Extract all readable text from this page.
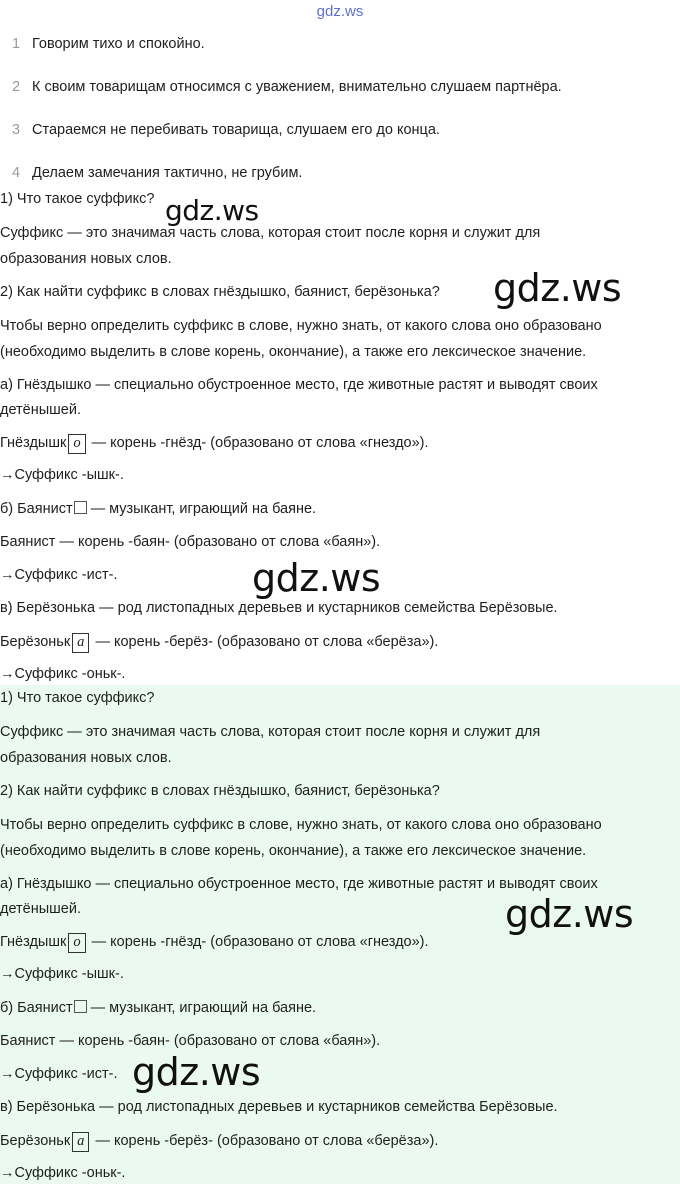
gdz.ws
1 Говорим тихо и спокойно.
2 К своим товарищам относимся с уважением, внимательно слушаем партнёра.
3 Стараемся не перебивать товарища, слушаем его до конца.
4 Делаем замечания тактично, не грубим.
1) Что такое суффикс?
Суффикс — это значимая часть слова, которая стоит после корня и служит для
образования новых слов.
2) Как найти суффикс в словах гнёздышко, баянист, берёзонька?
Чтобы верно определить суффикс в слове, нужно знать, от какого слова оно образовано
(необходимо выделить в слове корень, окончание), а также его лексическое значение.
а) Гнёздышко — специально обустроенное место, где животные растят и выводят своих
детёнышей.
Гнёздышк о — корень -гнёзд- (образовано от слова «гнездо»).
→Суффикс -ышк-.
б) Баянист — музыкант, играющий на баяне.
Баянист — корень -баян- (образовано от слова «баян»).
→Суффикс -ист-.
в) Берёзонька — род листопадных деревьев и кустарников семейства Берёзовые.
Берёзоньк а — корень -берёз- (образовано от слова «берёза»).
→Суффикс -оньк-.
1) Что такое суффикс?
Суффикс — это значимая часть слова, которая стоит после корня и служит для
образования новых слов.
2) Как найти суффикс в словах гнёздышко, баянист, берёзонька?
Чтобы верно определить суффикс в слове, нужно знать, от какого слова оно образовано
(необходимо выделить в слове корень, окончание), а также его лексическое значение.
а) Гнёздышко — специально обустроенное место, где животные растят и выводят своих
детёнышей.
Гнёздышк о — корень -гнёзд- (образовано от слова «гнездо»).
→Суффикс -ышк-.
б) Баянист — музыкант, играющий на баяне.
Баянист — корень -баян- (образовано от слова «баян»).
→Суффикс -ист-.
в) Берёзонька — род листопадных деревьев и кустарников семейства Берёзовые.
Берёзоньк а — корень -берёз- (образовано от слова «берёза»).
→Суффикс -оньк-.
gdz.ws
gdz.ws
gdz.ws
gdz.ws
gdz.ws
